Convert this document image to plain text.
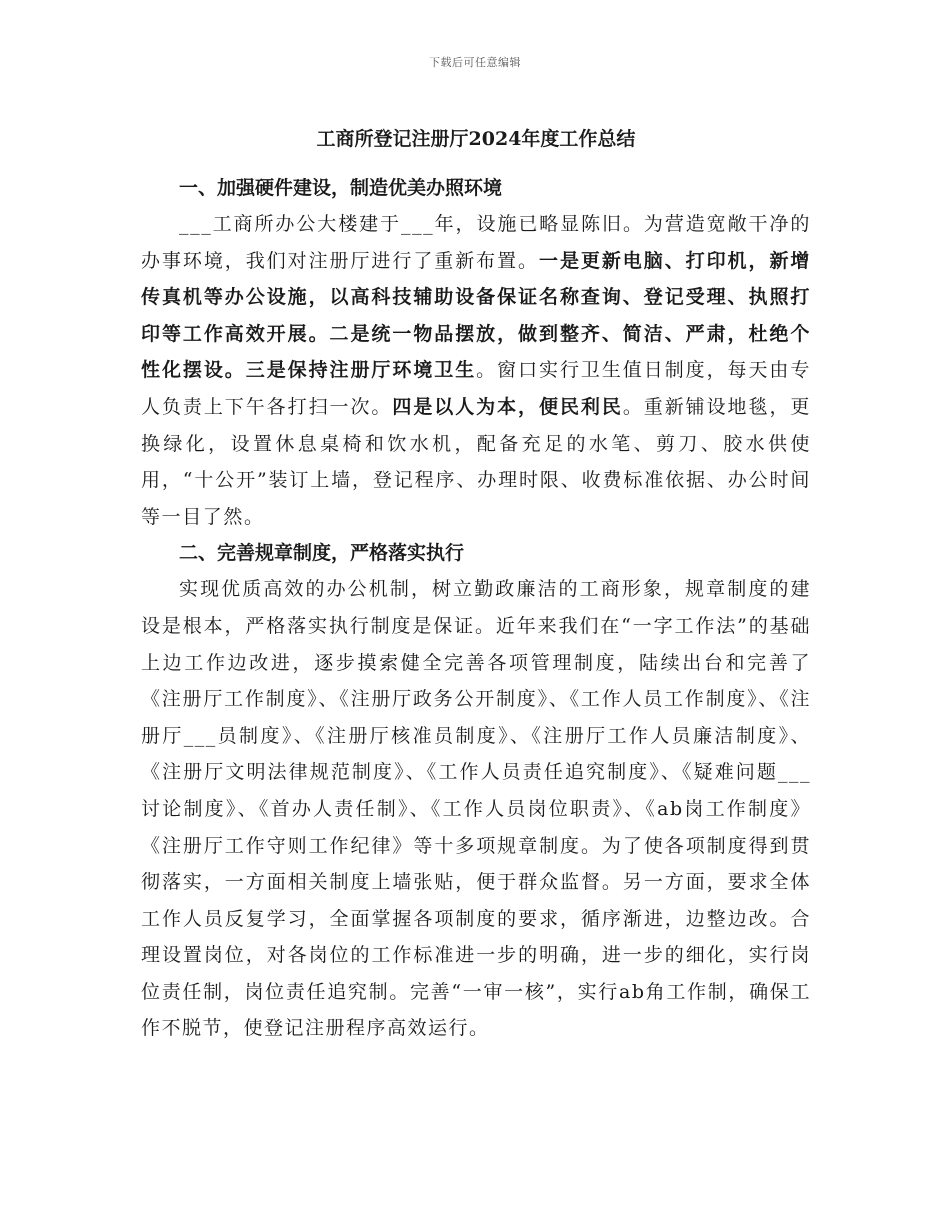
下载后可任意编辑
工商所登记注册厅2024年度工作总结
一、加强硬件建设，制造优美办照环境

___工商所办公大楼建于___年，设施已略显陈旧。为营造宽敞干净的办事环境，我们对注册厅进行了重新布置。一是更新电脑、打印机，新增传真机等办公设施，以高科技辅助设备保证名称查询、登记受理、执照打印等工作高效开展。二是统一物品摆放，做到整齐、简洁、严肃，杜绝个性化摆设。三是保持注册厅环境卫生。窗口实行卫生值日制度，每天由专人负责上下午各打扫一次。四是以人为本，便民利民。重新铺设地毯，更换绿化，设置休息桌椅和饮水机，配备充足的水笔、剪刀、胶水供使用，“十公开”装订上墙，登记程序、办理时限、收费标准依据、办公时间等一目了然。

二、完善规章制度，严格落实执行

实现优质高效的办公机制，树立勤政廉洁的工商形象，规章制度的建设是根本，严格落实执行制度是保证。近年来我们在“一字工作法”的基础上边工作边改进，逐步摸索健全完善各项管理制度，陆续出台和完善了《注册厅工作制度》、《注册厅政务公开制度》、《工作人员工作制度》、《注册厅___员制度》、《注册厅核准员制度》、《注册厅工作人员廉洁制度》、《注册厅文明法律规范制度》、《工作人员责任追究制度》、《疑难问题___讨论制度》、《首办人责任制》、《工作人员岗位职责》、《ab岗工作制度》《注册厅工作守则工作纪律》等十多项规章制度。为了使各项制度得到贯彻落实，一方面相关制度上墙张贴，便于群众监督。另一方面，要求全体工作人员反复学习，全面掌握各项制度的要求，循序渐进，边整边改。合理设置岗位，对各岗位的工作标准进一步的明确，进一步的细化，实行岗位责任制，岗位责任追究制。完善“一审一核”，实行ab角工作制，确保工作不脱节，使登记注册程序高效运行。
